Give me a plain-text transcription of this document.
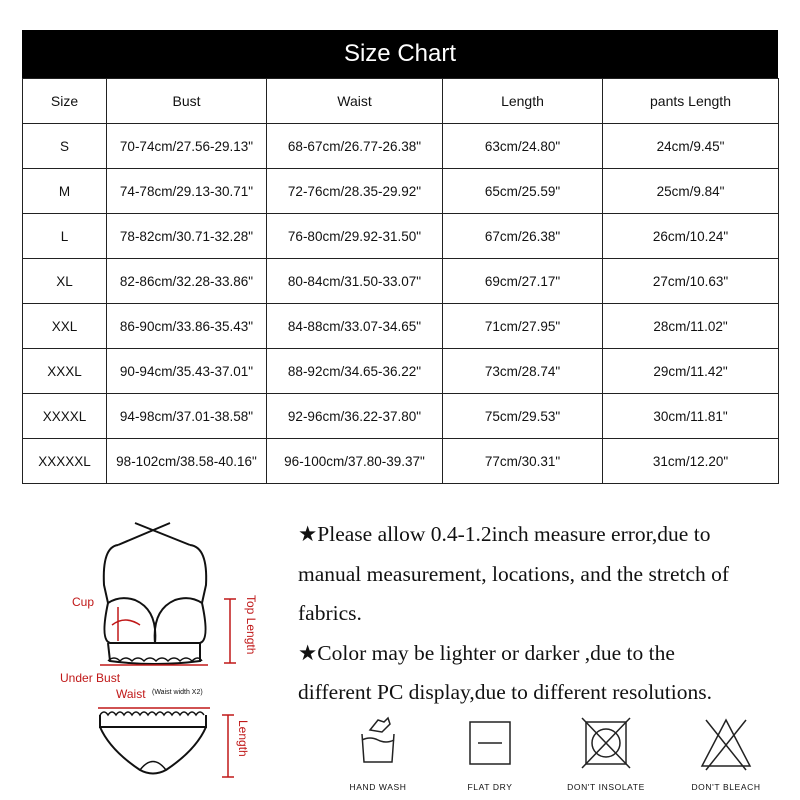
Size Chart
Size	Bust	Waist	Length	pants Length
S	70-74cm/27.56-29.13"	68-67cm/26.77-26.38"	63cm/24.80"	24cm/9.45"
M	74-78cm/29.13-30.71"	72-76cm/28.35-29.92"	65cm/25.59"	25cm/9.84"
L	78-82cm/30.71-32.28"	76-80cm/29.92-31.50"	67cm/26.38"	26cm/10.24"
XL	82-86cm/32.28-33.86"	80-84cm/31.50-33.07"	69cm/27.17"	27cm/10.63"
XXL	86-90cm/33.86-35.43"	84-88cm/33.07-34.65"	71cm/27.95"	28cm/11.02"
XXXL	90-94cm/35.43-37.01"	88-92cm/34.65-36.22"	73cm/28.74"	29cm/11.42"
XXXXL	94-98cm/37.01-38.58"	92-96cm/36.22-37.80"	75cm/29.53"	30cm/11.81"
XXXXXL	98-102cm/38.58-40.16"	96-100cm/37.80-39.37"	77cm/30.31"	31cm/12.20"
Cup
Under Bust
Top Length
Waist (Waist width X2)
Length

★Please allow 0.4-1.2inch measure error,due to

manual measurement, locations, and the stretch of

fabrics.

★Color may be lighter or darker ,due to the

different PC display,due to different resolutions.

HAND WASH	FLAT DRY	DON'T INSOLATE	DON'T BLEACH
